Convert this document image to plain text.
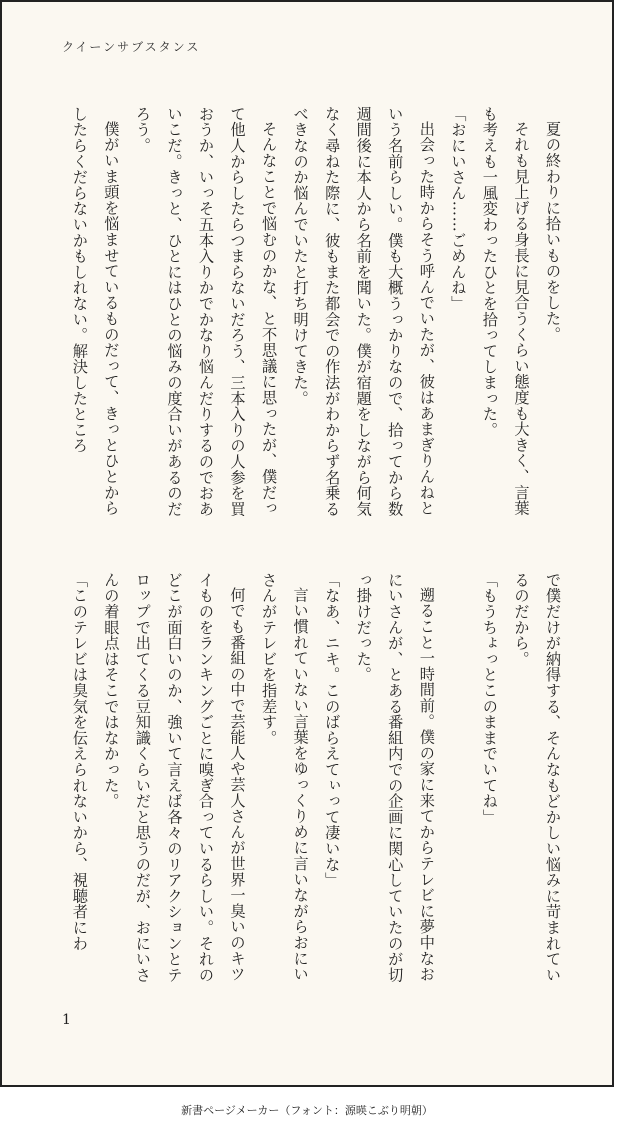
クイーンサブスタンス

夏の終わりに拾いものをした。

それも見上げる身長に見合うくらい態度も大きく、言葉も考えも一風変わったひとを拾ってしまった。

「おにいさん……ごめんね」

出会った時からそう呼んでいたが、彼はあまぎりんねという名前らしい。僕も大概うっかりなので、拾ってから数週間後に本人から名前を聞いた。僕が宿題をしながら何気なく尋ねた際に、彼もまた都会での作法がわからず名乗るべきなのか悩んでいたと打ち明けてきた。

そんなことで悩むのかな、と不思議に思ったが、僕だって他人からしたらつまらないだろう、三本入りの人参を買おうか、いっそ五本入りかでかなり悩んだりするのでおあいこだ。きっと、ひとにはひとの悩みの度合いがあるのだろう。

僕がいま頭を悩ませているものだって、きっとひとからしたらくだらないかもしれない。解決したところ

で僕だけが納得する、そんなもどかしい悩みに苛まれているのだから。

「もうちょっとこのままでいてね」

遡ること一時間前。僕の家に来てからテレビに夢中なおにいさんが、とある番組内での企画に関心していたのが切っ掛けだった。

「なあ、ニキ。このばらえてぃって凄いな」

言い慣れていない言葉をゆっくりめに言いながらおにいさんがテレビを指差す。

何でも番組の中で芸能人や芸人さんが世界一臭いのキツイものをランキングごとに嗅ぎ合っているらしい。それのどこが面白いのか、強いて言えば各々のリアクションとテロップで出てくる豆知識くらいだと思うのだが、おにいさんの着眼点はそこではなかった。

「このテレビは臭気を伝えられないから、視聴者にわ

1
新書ページメーカー（フォント：源暎こぶり明朝）
